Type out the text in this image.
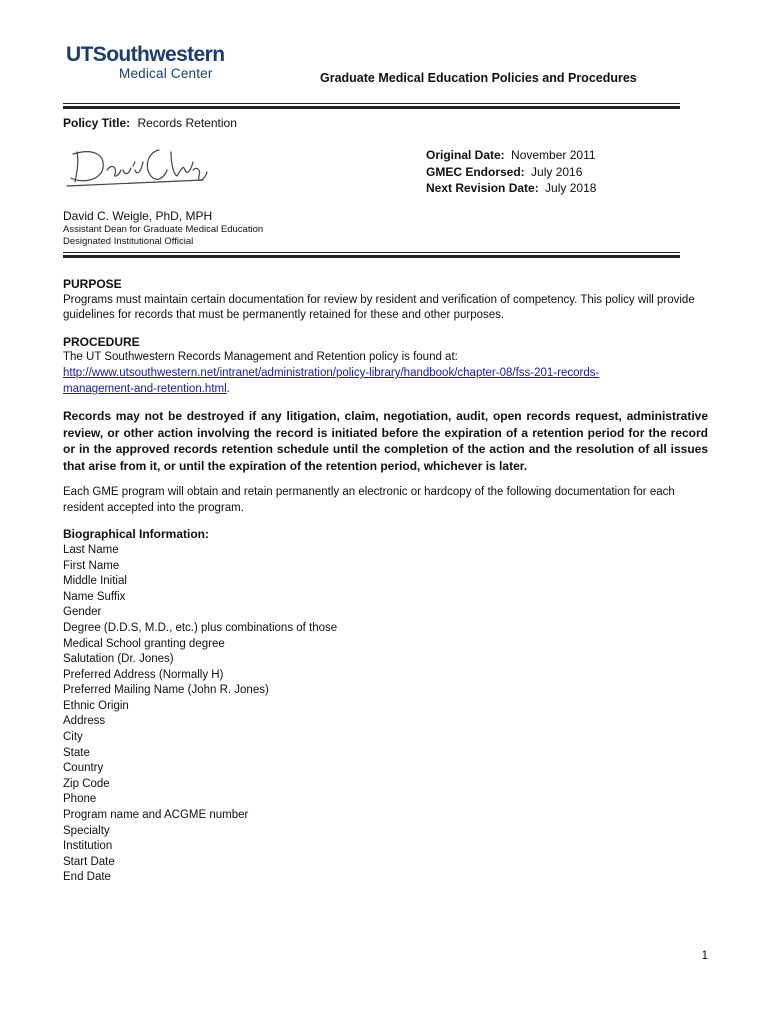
UTSouthwestern
Medical Center	Graduate Medical Education Policies and Procedures
Policy Title: Records Retention
Original Date: November 2011
GMEC Endorsed: July 2016
Next Revision Date: July 2018
David C. Weigle, PhD, MPH
Assistant Dean for Graduate Medical Education
Designated Institutional Official

PURPOSE

Programs must maintain certain documentation for review by resident and verification of competency. This policy will provide guidelines for records that must be permanently retained for these and other purposes.

PROCEDURE

The UT Southwestern Records Management and Retention policy is found at:

http://www.utsouthwestern.net/intranet/administration/policy-library/handbook/chapter-08/fss-201-records-
management-and-retention.html.

Records may not be destroyed if any litigation, claim, negotiation, audit, open records request, administrative review, or other action involving the record is initiated before the expiration of a retention period for the record or in the approved records retention schedule until the completion of the action and the resolution of all issues that arise from it, or until the expiration of the retention period, whichever is later.

Each GME program will obtain and retain permanently an electronic or hardcopy of the following documentation for each resident accepted into the program.

Biographical Information:

Last Name
First Name
Middle Initial
Name Suffix
Gender
Degree (D.D.S, M.D., etc.) plus combinations of those
Medical School granting degree
Salutation (Dr. Jones)
Preferred Address (Normally H)
Preferred Mailing Name (John R. Jones)
Ethnic Origin
Address
City
State
Country
Zip Code
Phone
Program name and ACGME number
Specialty
Institution
Start Date
End Date
1
